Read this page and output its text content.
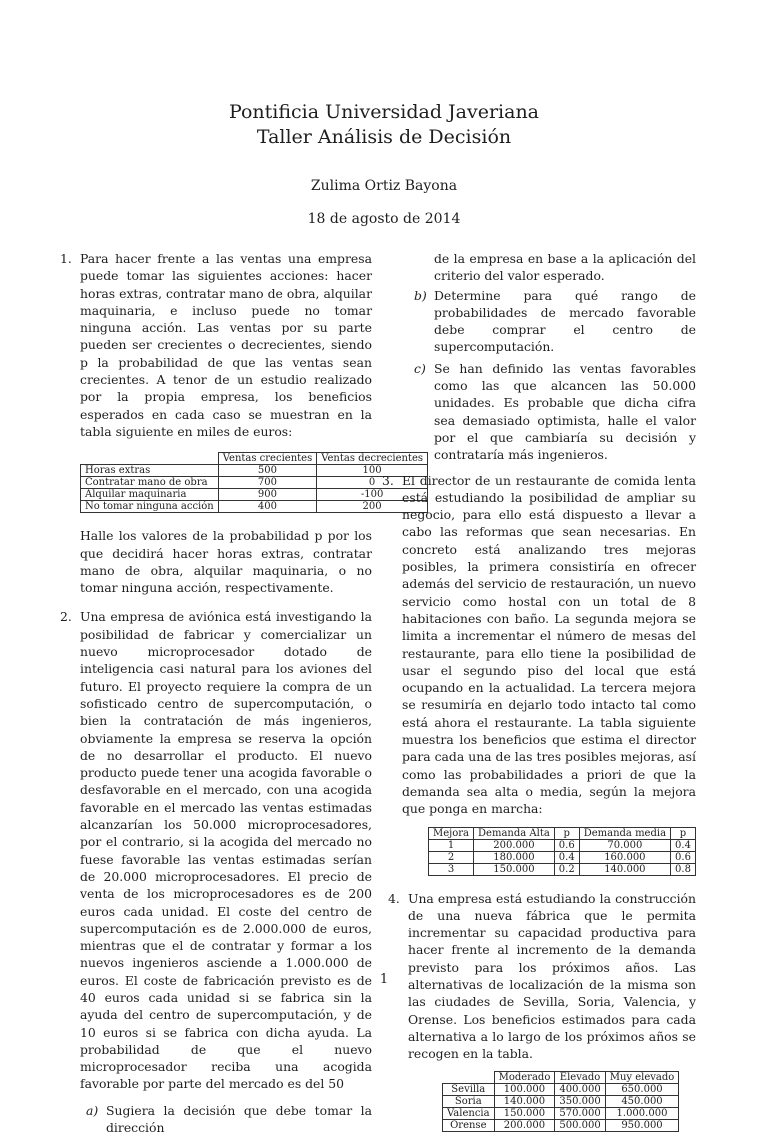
Pontificia Universidad Javeriana
Taller Análisis de Decisión
Zulima Ortiz Bayona
18 de agosto de 2014
1. Para hacer frente a las ventas una empresa puede tomar las siguientes acciones: hacer horas extras, contratar mano de obra, alquilar maquinaria, e incluso puede no tomar ninguna acción. Las ventas por su parte pueden ser crecientes o decrecientes, siendo p la probabilidad de que las ventas sean crecientes. A tenor de un estudio realizado por la propia empresa, los beneficios esperados en cada caso se muestran en la tabla siguiente en miles de euros:

	Ventas crecientes	Ventas decrecientes
Horas extras	500	100
Contratar mano de obra	700	0
Alquilar maquinaria	900	-100
No tomar ninguna acción	400	200

Halle los valores de la probabilidad p por los que decidirá hacer horas extras, contratar mano de obra, alquilar maquinaria, o no tomar ninguna acción, respectivamente.

2. Una empresa de aviónica está investigando la posibilidad de fabricar y comercializar un nuevo microprocesador dotado de inteligencia casi natural para los aviones del futuro. El proyecto requiere la compra de un sofisticado centro de supercomputación, o bien la contratación de más ingenieros, obviamente la empresa se reserva la opción de no desarrollar el producto. El nuevo producto puede tener una acogida favorable o desfavorable en el mercado, con una acogida favorable en el mercado las ventas estimadas alcanzarían los 50.000 microprocesadores, por el contrario, si la acogida del mercado no fuese favorable las ventas estimadas serían de 20.000 microprocesadores. El precio de venta de los microprocesadores es de 200 euros cada unidad. El coste del centro de supercomputación es de 2.000.000 de euros, mientras que el de contratar y formar a los nuevos ingenieros asciende a 1.000.000 de euros. El coste de fabricación previsto es de 40 euros cada unidad si se fabrica sin la ayuda del centro de supercomputación, y de 10 euros si se fabrica con dicha ayuda. La probabilidad de que el nuevo microprocesador reciba una acogida favorable por parte del mercado es del 50

a) Sugiera la decisión que debe tomar la dirección

de la empresa en base a la aplicación del criterio del valor esperado.

b) Determine para qué rango de probabilidades de mercado favorable debe comprar el centro de supercomputación.

c) Se han definido las ventas favorables como las que alcancen las 50.000 unidades. Es probable que dicha cifra sea demasiado optimista, halle el valor por el que cambiaría su decisión y contrataría más ingenieros.

3. El director de un restaurante de comida lenta está estudiando la posibilidad de ampliar su negocio, para ello está dispuesto a llevar a cabo las reformas que sean necesarias. En concreto está analizando tres mejoras posibles, la primera consistiría en ofrecer además del servicio de restauración, un nuevo servicio como hostal con un total de 8 habitaciones con baño. La segunda mejora se limita a incrementar el número de mesas del restaurante, para ello tiene la posibilidad de usar el segundo piso del local que está ocupando en la actualidad. La tercera mejora se resumiría en dejarlo todo intacto tal como está ahora el restaurante. La tabla siguiente muestra los beneficios que estima el director para cada una de las tres posibles mejoras, así como las probabilidades a priori de que la demanda sea alta o media, según la mejora que ponga en marcha:

Mejora	Demanda Alta	p	Demanda media	p
1	200.000	0.6	70.000	0.4
2	180.000	0.4	160.000	0.6
3	150.000	0.2	140.000	0.8
4. Una empresa está estudiando la construcción de una nueva fábrica que le permita incrementar su capacidad productiva para hacer frente al incremento de la demanda previsto para los próximos años. Las alternativas de localización de la misma son las ciudades de Sevilla, Soria, Valencia, y Orense. Los beneficios estimados para cada alternativa a lo largo de los próximos años se recogen en la tabla.

	Moderado	Elevado	Muy elevado
Sevilla	100.000	400.000	650.000
Soria	140.000	350.000	450.000
Valencia	150.000	570.000	1.000.000
Orense	200.000	500.000	950.000
1
